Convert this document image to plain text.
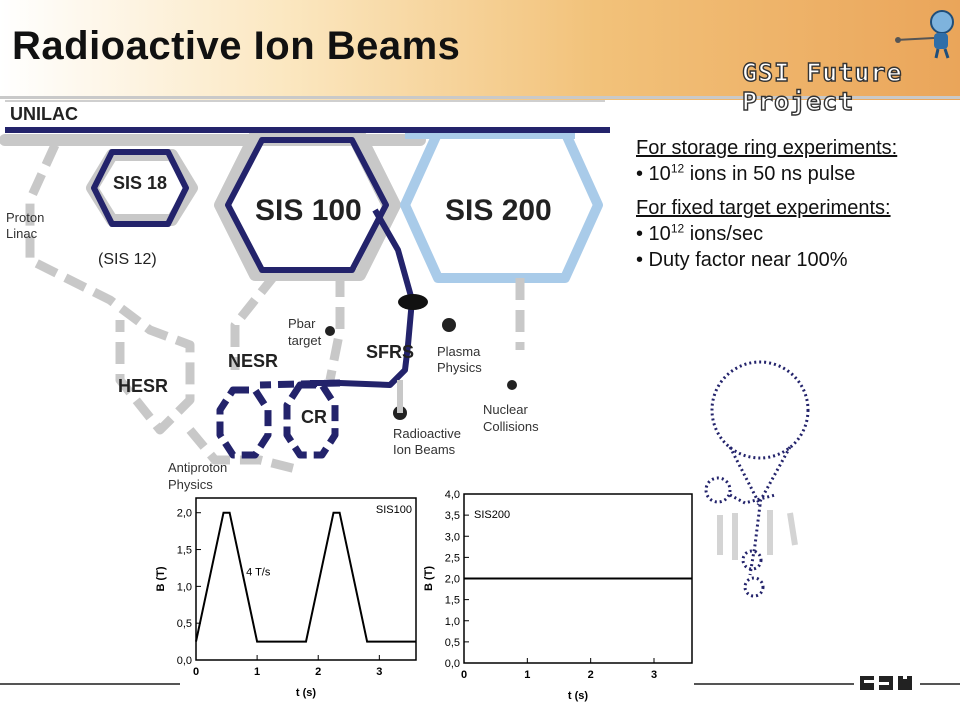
Radioactive Ion Beams
GSI Future Project
UNILAC
SIS 18
SIS 100	SIS 200
Proton
Linac
(SIS 12)
Pbar
target
SFRS Plasma
Physics
NESR
CR
HESR
Nuclear
Collisions
Radioactive
Ion Beams
Antiproton
Physics
For storage ring experiments:
• $10^{12}$ ions in 50 ns pulse
For fixed target experiments:
• $10^{12}$ ions/sec
• Duty factor near 100%
0	1	2	3
0,0
0,5
1,0
1,5
2,0
t (s)
B (T)
SIS100
4 T/s
0	1	2	3
0,0
0,5
1,0
1,5
2,0
2,5
3,0
3,5
4,0
t (s)
B (T)
SIS200
